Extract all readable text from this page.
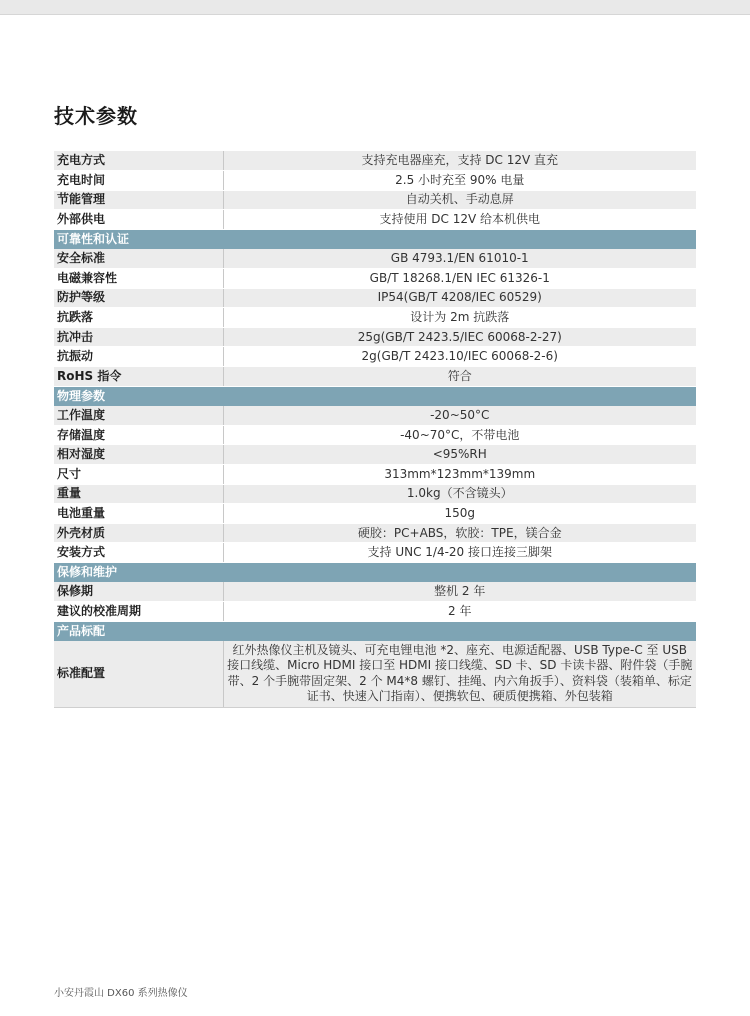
技术参数
充电方式	支持充电器座充，支持 DC 12V 直充
充电时间	2.5 小时充至 90% 电量
节能管理	自动关机、手动息屏
外部供电	支持使用 DC 12V 给本机供电
可靠性和认证	
安全标准	GB 4793.1/EN 61010-1
电磁兼容性	GB/T 18268.1/EN IEC 61326-1
防护等级	IP54(GB/T 4208/IEC 60529)
抗跌落	设计为 2m 抗跌落
抗冲击	25g(GB/T 2423.5/IEC 60068-2-27)
抗振动	2g(GB/T 2423.10/IEC 60068-2-6)
RoHS 指令	符合
物理参数	
工作温度	-20~50°C
存储温度	-40~70°C，不带电池
相对湿度	<95%RH
尺寸	313mm*123mm*139mm
重量	1.0kg（不含镜头）
电池重量	150g
外壳材质	硬胶：PC+ABS，软胶：TPE，镁合金
安装方式	支持 UNC 1/4-20 接口连接三脚架
保修和维护	
保修期	整机 2 年
建议的校准周期	2 年
产品标配	
标准配置	红外热像仪主机及镜头、可充电锂电池 *2、座充、电源适配器、USB Type-C 至 USB 接口线缆、Micro HDMI 接口至 HDMI 接口线缆、SD 卡、SD 卡读卡器、附件袋（手腕带、2 个手腕带固定架、2 个 M4*8 螺钉、挂绳、内六角扳手）、资料袋（装箱单、标定证书、快速入门指南）、便携软包、硬质便携箱、外包装箱
小安丹霞山 DX60 系列热像仪
